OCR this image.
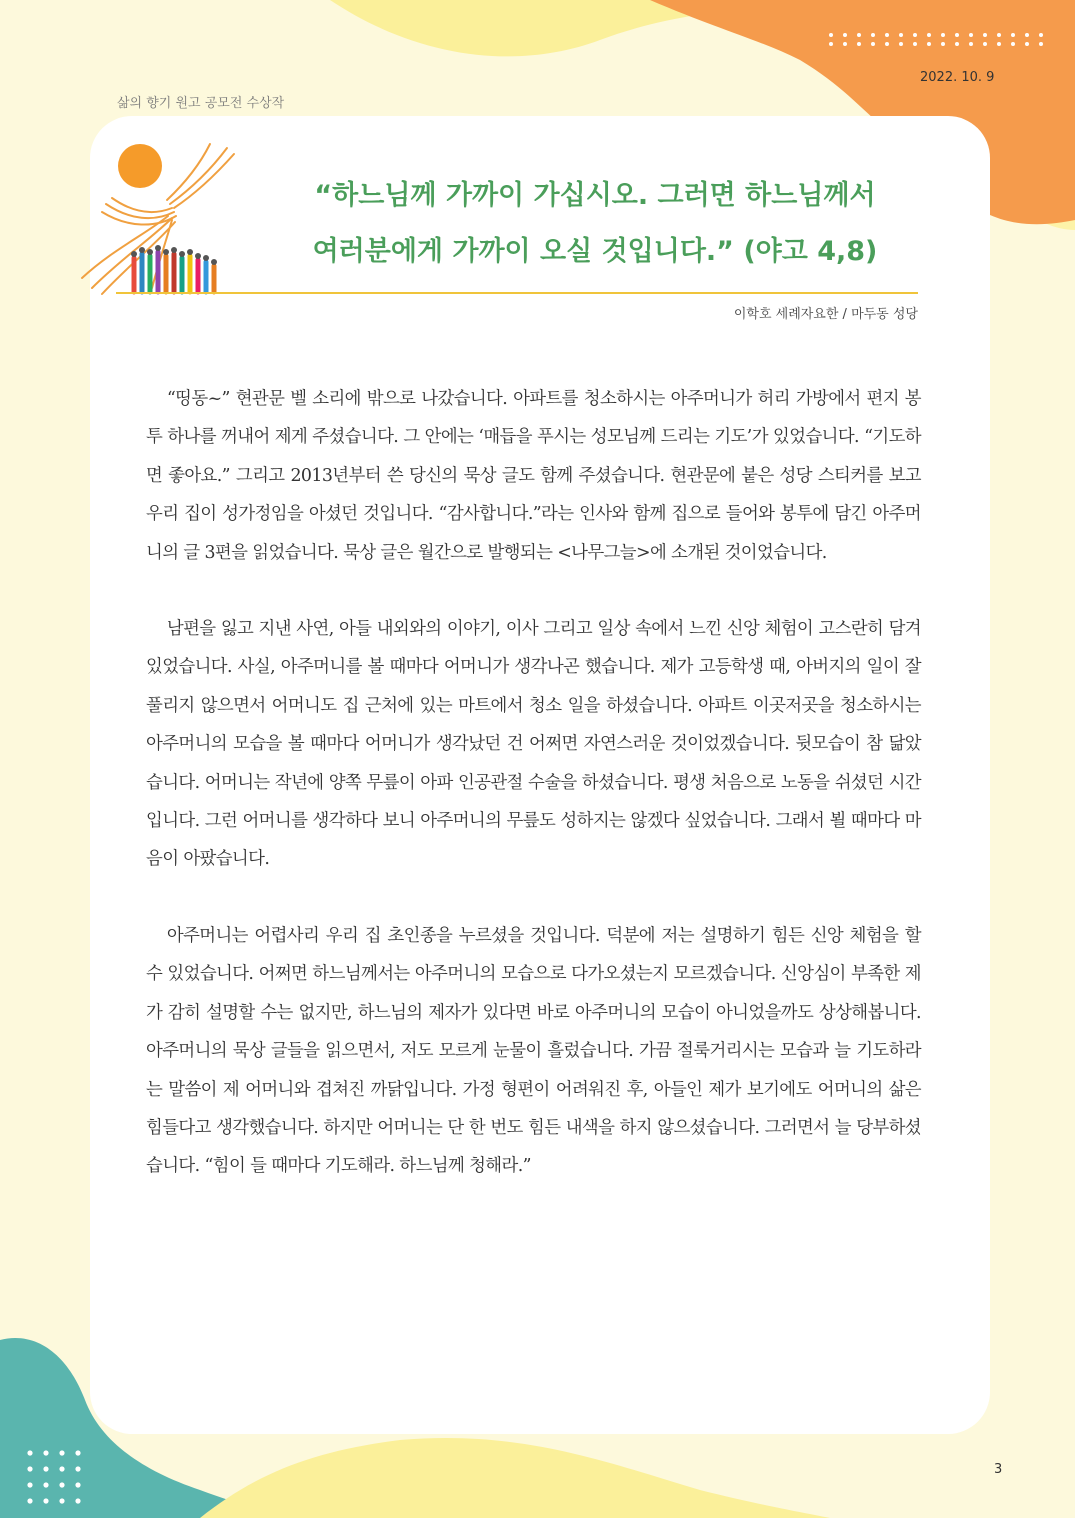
삶의 향기 원고 공모전 수상작
2022. 10. 9
“하느님께 가까이 가십시오. 그러면 하느님께서
여러분에게 가까이 오실 것입니다.” (야고 4,8)
이학호 세례자요한 / 마두동 성당

“띵동~” 현관문 벨 소리에 밖으로 나갔습니다. 아파트를 청소하시는 아주머니가 허리 가방에서 편지 봉투 하나를 꺼내어 제게 주셨습니다. 그 안에는 ‘매듭을 푸시는 성모님께 드리는 기도’가 있었습니다. “기도하면 좋아요.” 그리고 2013년부터 쓴 당신의 묵상 글도 함께 주셨습니다. 현관문에 붙은 성당 스티커를 보고 우리 집이 성가정임을 아셨던 것입니다. “감사합니다.”라는 인사와 함께 집으로 들어와 봉투에 담긴 아주머니의 글 3편을 읽었습니다. 묵상 글은 월간으로 발행되는 <나무그늘>에 소개된 것이었습니다.

남편을 잃고 지낸 사연, 아들 내외와의 이야기, 이사 그리고 일상 속에서 느낀 신앙 체험이 고스란히 담겨 있었습니다. 사실, 아주머니를 볼 때마다 어머니가 생각나곤 했습니다. 제가 고등학생 때, 아버지의 일이 잘 풀리지 않으면서 어머니도 집 근처에 있는 마트에서 청소 일을 하셨습니다. 아파트 이곳저곳을 청소하시는 아주머니의 모습을 볼 때마다 어머니가 생각났던 건 어쩌면 자연스러운 것이었겠습니다. 뒷모습이 참 닮았습니다. 어머니는 작년에 양쪽 무릎이 아파 인공관절 수술을 하셨습니다. 평생 처음으로 노동을 쉬셨던 시간입니다. 그런 어머니를 생각하다 보니 아주머니의 무릎도 성하지는 않겠다 싶었습니다. 그래서 뵐 때마다 마음이 아팠습니다.

아주머니는 어렵사리 우리 집 초인종을 누르셨을 것입니다. 덕분에 저는 설명하기 힘든 신앙 체험을 할 수 있었습니다. 어쩌면 하느님께서는 아주머니의 모습으로 다가오셨는지 모르겠습니다. 신앙심이 부족한 제가 감히 설명할 수는 없지만, 하느님의 제자가 있다면 바로 아주머니의 모습이 아니었을까도 상상해봅니다. 아주머니의 묵상 글들을 읽으면서, 저도 모르게 눈물이 흘렀습니다. 가끔 절룩거리시는 모습과 늘 기도하라는 말씀이 제 어머니와 겹쳐진 까닭입니다. 가정 형편이 어려워진 후, 아들인 제가 보기에도 어머니의 삶은 힘들다고 생각했습니다. 하지만 어머니는 단 한 번도 힘든 내색을 하지 않으셨습니다. 그러면서 늘 당부하셨습니다. “힘이 들 때마다 기도해라. 하느님께 청해라.”

3
